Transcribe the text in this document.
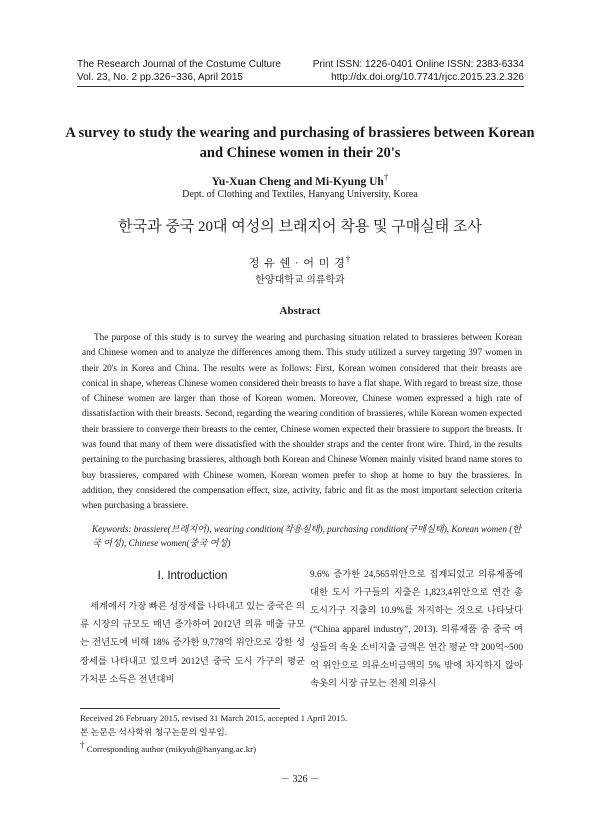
The Research Journal of the Costume Culture
Vol. 23, No. 2 pp.326~336, April 2015
Print ISSN: 1226-0401 Online ISSN: 2383-6334
http://dx.doi.org/10.7741/rjcc.2015.23.2.326
A survey to study the wearing and purchasing of brassieres between Korean and Chinese women in their 20's
Yu-Xuan Cheng and Mi-Kyung Uh†
Dept. of Clothing and Textiles, Hanyang University, Korea
한국과 중국 20대 여성의 브래지어 착용 및 구매실태 조사
정 유 쉔 · 어 미 경†
한양대학교 의류학과
Abstract
The purpose of this study is to survey the wearing and purchasing situation related to brassieres between Korean and Chinese women and to analyze the differences among them. This study utilized a survey targeting 397 women in their 20's in Korea and China. The results were as follows: First, Korean women considered that their breasts are conical in shape, whereas Chinese women considered their breasts to have a flat shape. With regard to breast size, those of Chinese women are larger than those of Korean women. Moreover, Chinese women expressed a high rate of dissatisfaction with their breasts. Second, regarding the wearing condition of brassieres, while Korean women expected their brassiere to converge their breasts to the center, Chinese women expected their brassiere to support the breasts. It was found that many of them were dissatisfied with the shoulder straps and the center front wire. Third, in the results pertaining to the purchasing brassieres, although both Korean and Chinese Women mainly visited brand name stores to buy brassieres, compared with Chinese women, Korean women prefer to shop at home to buy the brassieres. In addition, they considered the compensation effect, size, activity, fabric and fit as the most important selection criteria when purchasing a brassiere.
Keywords: brassiere(브래지어), wearing condition(착용실태), purchasing condition(구매실태), Korean women (한국 여성), Chinese women(중국 여성)
Ⅰ. Introduction
세계에서 가장 빠른 성장세를 나타내고 있는 중국은 의류 시장의 규모도 매년 증가하여 2012년 의류 매출 규모는 전년도에 비해 18% 증가한 9,778억 위안으로 강한 성장세를 나타내고 있으며 2012년 중국 도시 가구의 평균 가처분 소득은 전년대비
9.6% 증가한 24,565위안으로 집계되었고 의류제품에 대한 도시 가구들의 지출은 1,823,4위안으로 연간 총 도시가구 지출의 10.9%를 차지하는 것으로 나타났다(“China apparel industry”, 2013). 의류제품 중 중국 여성들의 속옷 소비지출 금액은 연간 평균 약 200억~500억 위안으로 의류소비금액의 5% 밖에 차지하지 않아 속옷의 시장 규모는 전체 의류시
Received 26 February 2015, revised 31 March 2015, accepted 1 April 2015.
본 논문은 석사학위 청구논문의 일부임.
† Corresponding author (mikyuh@hanyang.ac.kr)
－ 326 －
